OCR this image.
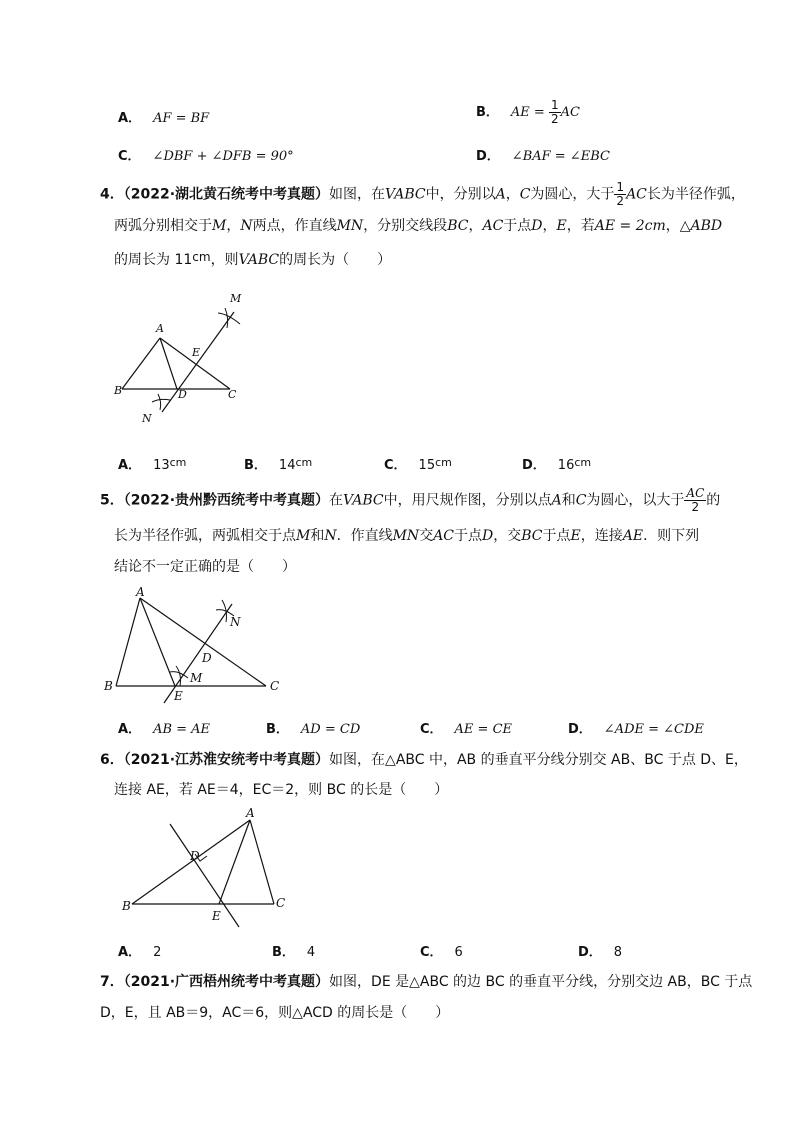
A． AF = BF	B． AE = $\frac{1}{2}$ AC
C． ∠DBF + ∠DFB = 90°	D． ∠BAF = ∠EBC
4．（2022·湖北黄石统考中考真题）如图，在VABC中，分别以A，C为圆心，大于 $\frac{1}{2}$ AC长为半径作弧，
两弧分别相交于M，N两点，作直线MN，分别交线段BC，AC于点D，E，若AE = 2cm，△ABD
的周长为 11cm，则VABC的周长为（　　）
A
B	C
D
E
M
N
A． $13^{cm}$	B． $14^{cm}$	C． $15^{cm}$	D． $16^{cm}$
5．（2022·贵州黔西统考中考真题）在VABC中，用尺规作图，分别以点A和C为圆心，以大于 $\frac{AC}{2}$ 的
长为半径作弧，两弧相交于点M和N．作直线MN交AC于点D，交BC于点E，连接AE．则下列
结论不一定正确的是（　　）
A
B	C
D
E
M
N
A． AB = AE	B． AD = CD	C． AE = CE	D． ∠ADE = ∠CDE
6．（2021·江苏淮安统考中考真题）如图，在△ABC 中，AB 的垂直平分线分别交 AB、BC 于点 D、E，
连接 AE，若 AE＝4，EC＝2，则 BC 的长是（　　）
A
B	C
D
E
A． 2	B． 4	C． 6	D． 8
7．（2021·广西梧州统考中考真题）如图，DE 是△ABC 的边 BC 的垂直平分线，分别交边 AB，BC 于点
D，E，且 AB＝9，AC＝6，则△ACD 的周长是（　　）
